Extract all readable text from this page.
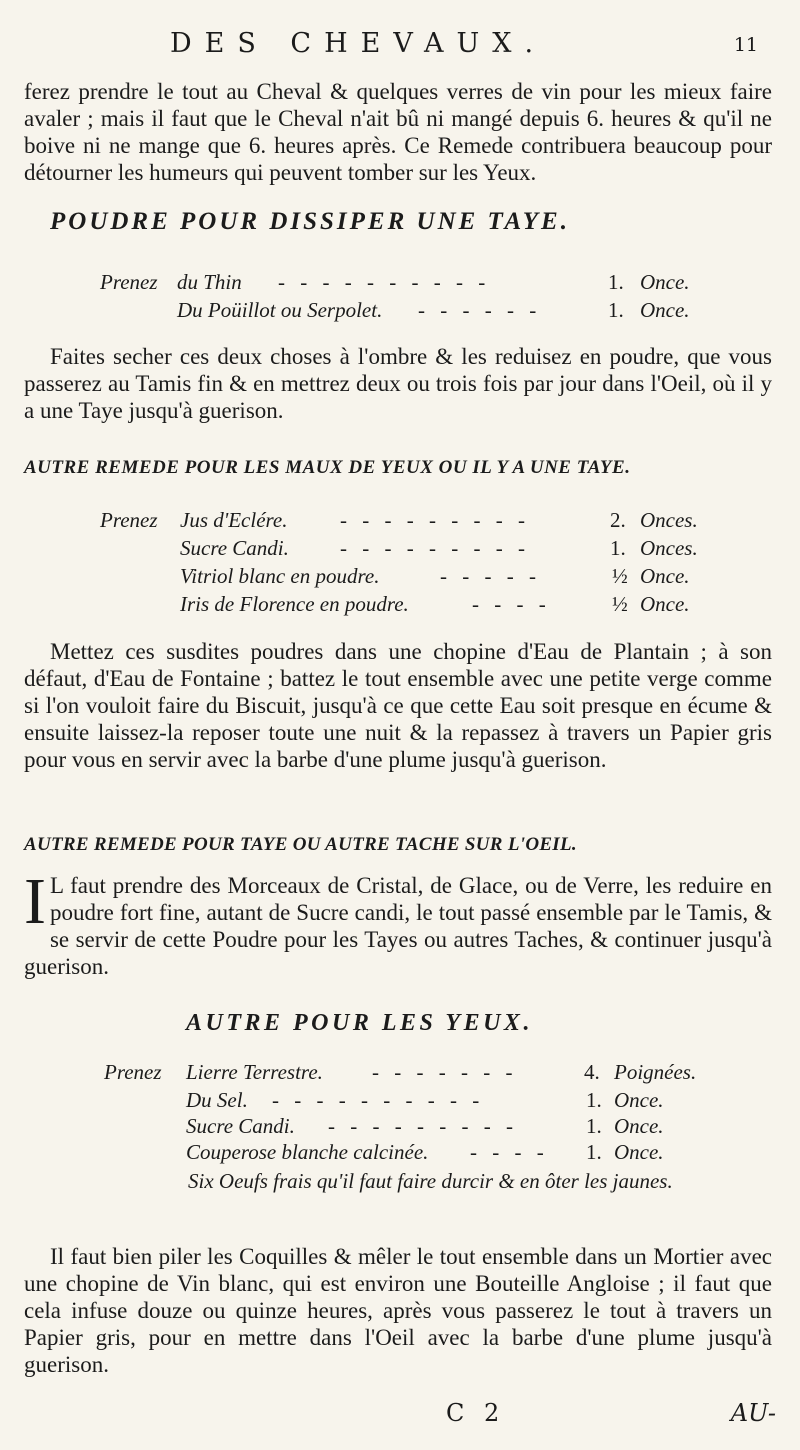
DES CHEVAUX.	11
ferez prendre le tout au Cheval & quelques verres de vin pour les mieux faire avaler ; mais il faut que le Cheval n'ait bû ni mangé depuis 6. heures & qu'il ne boive ni ne mange que 6. heures après. Ce Remede contribuera beaucoup pour détourner les humeurs qui peuvent tomber sur les Yeux.
POUDRE POUR DISSIPER UNE TAYE.
Prenez du Thin - - - - - - - - - -	1. Once.
Du Poüillot ou Serpolet. - - - - - -	1. Once.
Faites secher ces deux choses à l'ombre & les reduisez en poudre, que vous passerez au Tamis fin & en mettrez deux ou trois fois par jour dans l'Oeil, où il y a une Taye jusqu'à guerison.
AUTRE REMEDE POUR LES MAUX DE YEUX OU IL Y A UNE TAYE.
Prenez Jus d'Eclére. - - - - - - - - -	2. Onces.
Sucre Candi. - - - - - - - - -	1. Onces.
Vitriol blanc en poudre.	- - - - -	½ Once.
Iris de Florence en poudre.	- - - -	½ Once.
Mettez ces susdites poudres dans une chopine d'Eau de Plantain ; à son défaut, d'Eau de Fontaine ; battez le tout ensemble avec une petite verge comme si l'on vouloit faire du Biscuit, jusqu'à ce que cette Eau soit presque en écume & ensuite laissez-la reposer toute une nuit & la repassez à travers un Papier gris pour vous en servir avec la barbe d'une plume jusqu'à guerison.
AUTRE REMEDE POUR TAYE OU AUTRE TACHE SUR L'OEIL.
I L faut prendre des Morceaux de Cristal, de Glace, ou de Verre, les reduire en poudre fort fine, autant de Sucre candi, le tout passé ensemble par le Tamis, & se servir de cette Poudre pour les Tayes ou autres Taches, & continuer jusqu'à guerison.
AUTRE POUR LES YEUX.
Prenez Lierre Terrestre. - - - - - - -	4. Poignées.
Du Sel. - - - - - - - - - -	1. Once.
Sucre Candi. - - - - - - - - -	1. Once.
Couperose blanche calcinée. - - - - 1. Once.
Six Oeufs frais qu'il faut faire durcir & en ôter les jaunes.
Il faut bien piler les Coquilles & mêler le tout ensemble dans un Mortier avec une chopine de Vin blanc, qui est environ une Bouteille Angloise ; il faut que cela infuse douze ou quinze heures, après vous passerez le tout à travers un Papier gris, pour en mettre dans l'Oeil avec la barbe d'une plume jusqu'à guerison.
C 2	AU-
